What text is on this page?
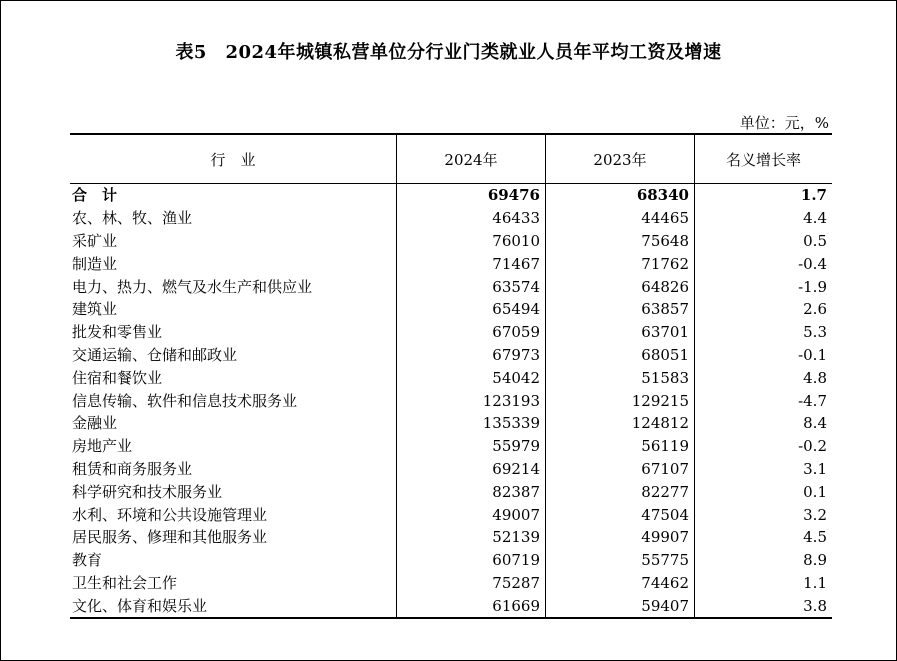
表5　2024年城镇私营单位分行业门类就业人员年平均工资及增速
单位：元，%
行　业	2024年	2023年	名义增长率
合　计	69476	68340	1.7
农、林、牧、渔业	46433	44465	4.4
采矿业	76010	75648	0.5
制造业	71467	71762	-0.4
电力、热力、燃气及水生产和供应业	63574	64826	-1.9
建筑业	65494	63857	2.6
批发和零售业	67059	63701	5.3
交通运输、仓储和邮政业	67973	68051	-0.1
住宿和餐饮业	54042	51583	4.8
信息传输、软件和信息技术服务业	123193	129215	-4.7
金融业	135339	124812	8.4
房地产业	55979	56119	-0.2
租赁和商务服务业	69214	67107	3.1
科学研究和技术服务业	82387	82277	0.1
水利、环境和公共设施管理业	49007	47504	3.2
居民服务、修理和其他服务业	52139	49907	4.5
教育	60719	55775	8.9
卫生和社会工作	75287	74462	1.1
文化、体育和娱乐业	61669	59407	3.8
